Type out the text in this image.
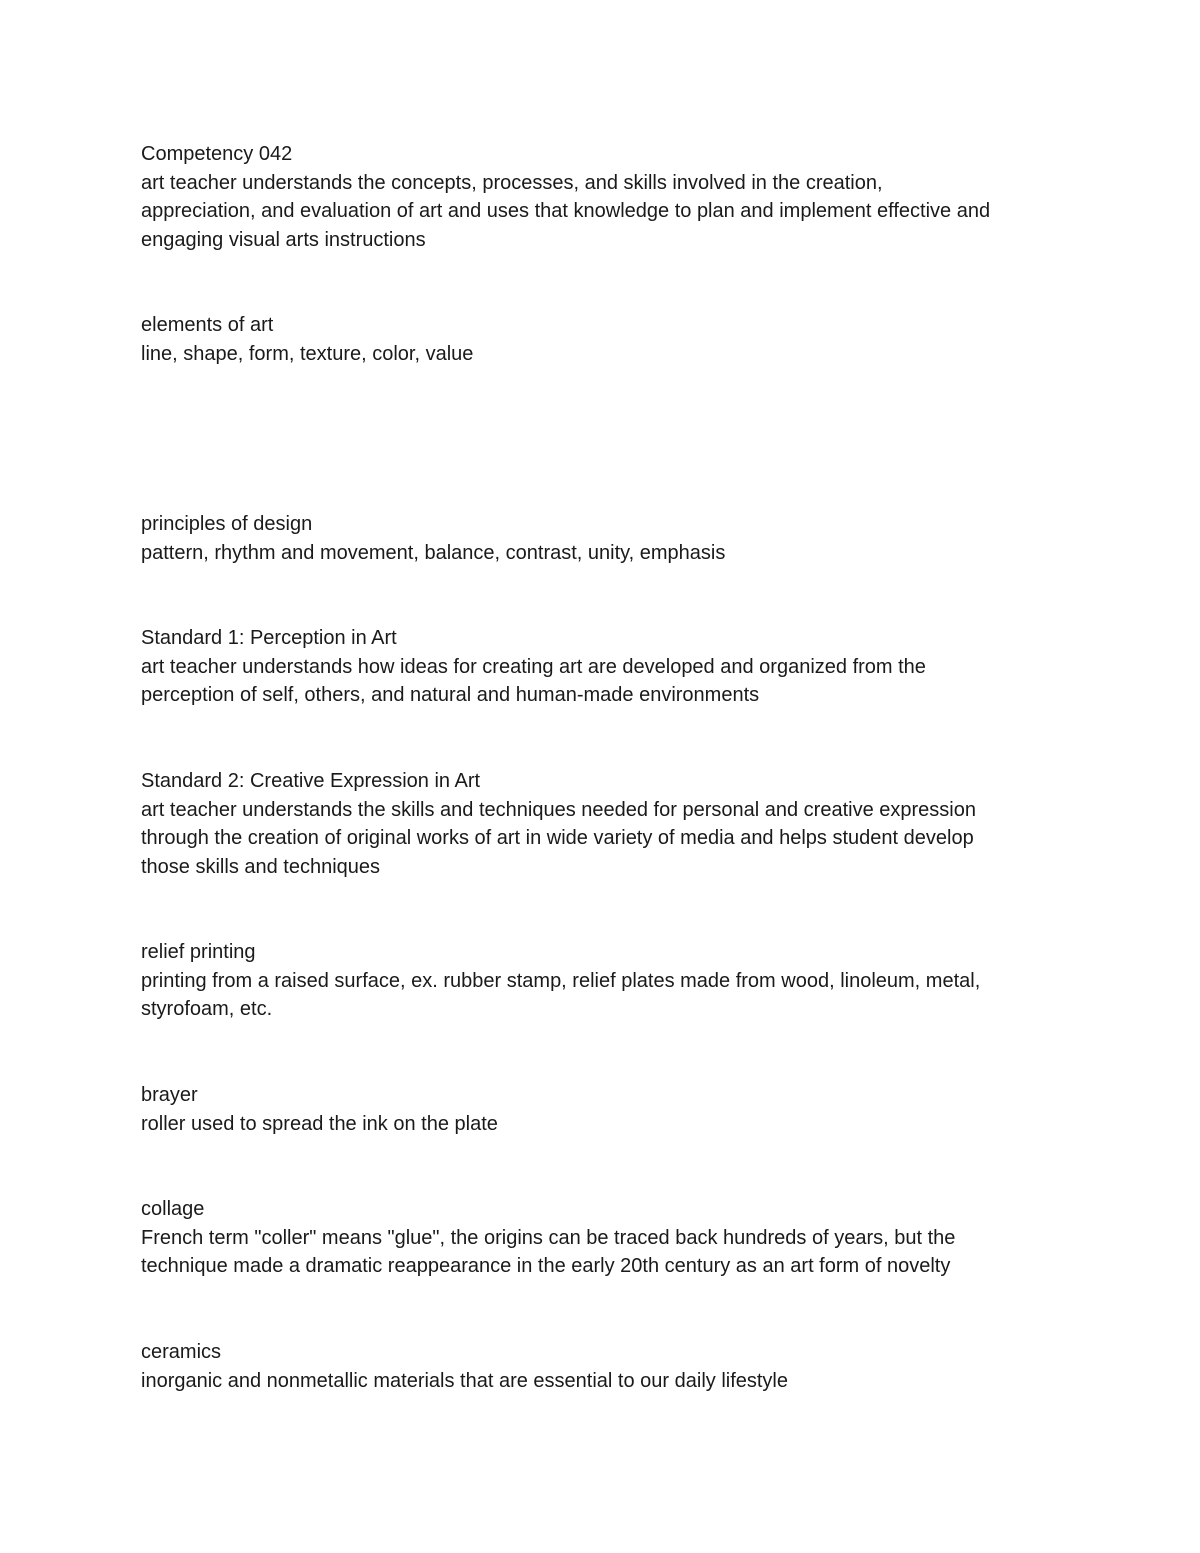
Competency 042

art teacher understands the concepts, processes, and skills involved in the creation,

appreciation, and evaluation of art and uses that knowledge to plan and implement effective and

engaging visual arts instructions

elements of art

line, shape, form, texture, color, value

principles of design

pattern, rhythm and movement, balance, contrast, unity, emphasis

Standard 1: Perception in Art

art teacher understands how ideas for creating art are developed and organized from the

perception of self, others, and natural and human-made environments

Standard 2: Creative Expression in Art

art teacher understands the skills and techniques needed for personal and creative expression

through the creation of original works of art in wide variety of media and helps student develop

those skills and techniques

relief printing

printing from a raised surface, ex. rubber stamp, relief plates made from wood, linoleum, metal,

styrofoam, etc.

brayer

roller used to spread the ink on the plate

collage

French term "coller" means "glue", the origins can be traced back hundreds of years, but the

technique made a dramatic reappearance in the early 20th century as an art form of novelty

ceramics

inorganic and nonmetallic materials that are essential to our daily lifestyle
